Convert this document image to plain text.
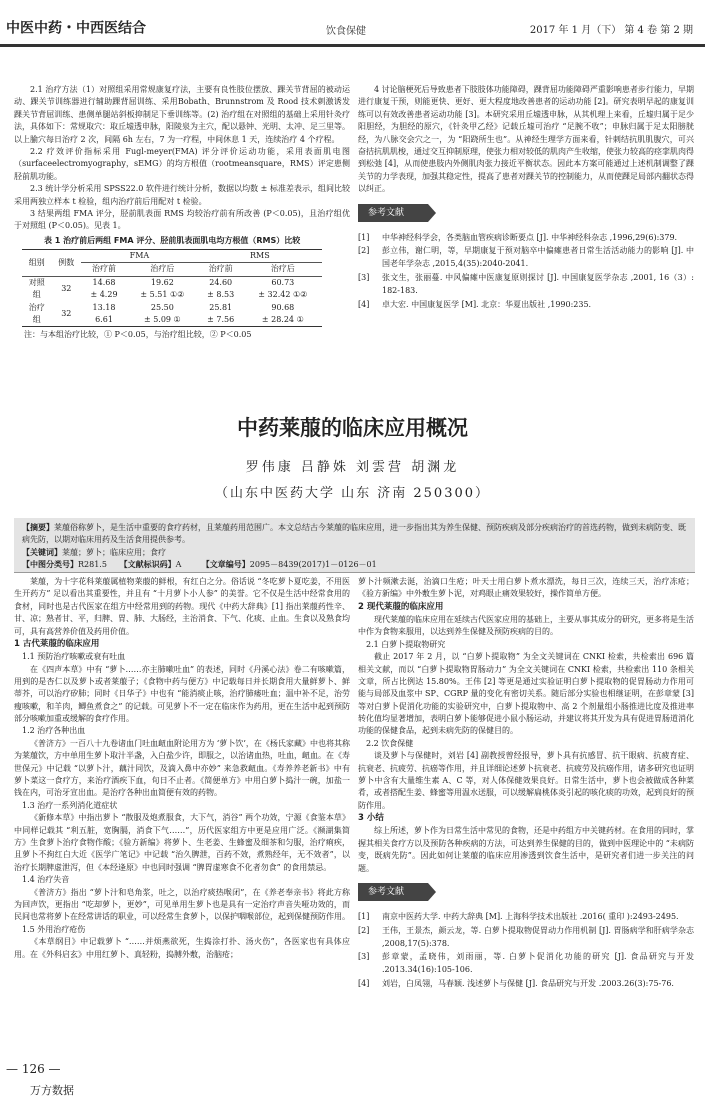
中医中药・中西医结合	饮食保健	2017 年 1 月（下） 第 4 卷 第 2 期

2.1 治疗方法（1）对照组采用常规康复疗法，主要有良性肢位摆放、踝关节背屈的被动运动、踝关节训练器进行辅助踝背屈训练、采用Bobath、Brunnstrom 及 Rood 技术刺激诱发踝关节背屈训练、患侧单腿站斜板抑制足下垂训练等。(2) 治疗组在对照组的基础上采用针灸疗法，具体如下：常规取穴：取丘墟透申脉，阳陵泉为主穴，配以悬钟、光明、太冲、足三里等。以上腧穴每日治疗 2 次，间隔 6h 左右，7 为一疗程，中间休息 1 天，连续治疗 4 个疗程。

2.2 疗效评价指标采用 Fugl-meyer(FMA) 评分评价运动功能，采用表面肌电图（surfaceelectromyography，sEMG）的均方根值（rootmeansquare，RMS）评定患侧胫前肌功能。

2.3 统计学分析采用 SPSS22.0 软件进行统计分析，数据以均数 ± 标准差表示，组间比较采用两独立样本 t 检验，组内治疗前后用配对 t 检验。

3 结果两组 FMA 评分，胫前肌表面 RMS 均较治疗前有所改善 (P＜0.05)，且治疗组优于对照组 (P＜0.05)。见表 1。

表 1 治疗前后两组 FMA 评分、胫前肌表面肌电均方根值（RMS）比较
组别	例数	FMA		RMS	
		治疗前	治疗后	治疗前	治疗后
对照	32	14.68	19.62	24.60	60.73
组		± 4.29	± 5.51 ①②	± 8.53	± 32.42 ①②
治疗	32	13.18	25.50	25.81	90.68
组		6.61	± 5.09 ①	± 7.56	± 28.24 ①
注：与本组治疗比较，① P＜0.05，与治疗组比较，② P＜0.05

4 讨论脑梗死后导致患者下肢肢体功能障碍，踝背屈功能障碍严重影响患者步行能力，早期进行康复干预，则能更快、更好、更大程度地改善患者的运动功能 [2]。研究表明早起的康复训练可以有效改善患者运动功能 [3]。本研究采用丘墟透申脉，从其机理上来看，丘墟归属于足少阳胆经，为胆经的原穴，《针灸甲乙经》记载丘墟可治疗 “足腕不收”；申脉归属于足太阳膀胱经，为八脉交会穴之一，为 “阳跷所生也”。从神经生理学方面来看，针刺结抗肌肌腹穴，可兴奋拮抗肌肌梭，通过交互抑制原理，使张力相对较低的肌肉产生收缩，使张力较高的痉挛肌肉得到松弛 [4]，从而使患肢内外侧肌肉张力接近平衡状态。因此本方案可能通过上述机制调整了踝关节的力学表现，加强其稳定性，提高了患者对踝关节的控制能力，从而使踝足局部内翻状态得以纠正。

参考文献
[1]	中华神经科学会，各类脑血管疾病诊断要点 [J]. 中华神经科杂志 ,1996,29(6):379.
[2]	彭立伟，谢仁明，等，早期康复于预对脑卒中偏瘫患者日常生活活动能力的影响 [J]. 中国老年学杂志 ,2015,4(35):2040-2041.
[3]	张文生，张丽蔓. 中风偏瘫中医康复原则探讨 [J]. 中国康复医学杂志 ,2001, 16（3）: 182-183.
[4]	卓大宏. 中国康复医学 [M]. 北京：华夏出版社 ,1990:235.
中药莱菔的临床应用概况
罗伟康 吕静姝 刘雲营 胡渊龙
（山东中医药大学 山东 济南 250300）
【摘要】莱菔俗称萝卜，是生活中重要的食疗药材，且莱菔药用范围广。本文总结古今莱菔的临床应用，进一步指出其为养生保健、预防疾病及部分疾病治疗的首选药物，做到未病防变、既病先防，以期对临床用药及生活食用提供参考。
【关键词】莱菔；萝卜；临床应用；食疗
【中图分类号】R281.5 【文献标识码】A	【文章编号】2095－8439(2017)1－0126－01

莱菔，为十字花科莱菔属植物莱菔的鲜根，有红白之分。俗话说 “冬吃萝卜夏吃姜，不用医生开药方” 足以看出其重要性，并且有 “十月萝卜小人参” 的美誉。它不仅是生活中经常食用的食材，同时也是古代医家在组方中经常用到的药物。现代《中药大辞典》[1] 指出莱菔药性辛、甘、凉；熟者甘、平，归脾、胃、肺、大肠经，主治消食、下气、化痰、止血。生食以及熟食均可，具有高营养价值及药用价值。

1 古代莱菔的临床应用

1.1 预防治疗咳嗽或衰有吐血

在《四声本草》中有 “萝卜……亦主肺嗽吐血” 的表述，同时《丹溪心法》卷二有咳嗽篇，用到的是杏仁以及萝卜或者莱菔子；《食物中药与便方》中记载每日并长期食用大量鲜萝卜、鲜蒂芥，可以治疗矽肺；同时《日华子》中也有 “能消痰止咳，治疗肺痿吐血；温中补不足，治劳瘦咳嗽，和羊肉，鲫鱼煮食之” 的记载。可见萝卜不一定在临床作为药用，更在生活中起到预防部分咳嗽加重或缓解的食疗作用。

1.2 治疗各种出血

《普济方》一百八十九卷诸血门吐血衄血附论用方为 ‘萝卜饮’，在《杨氏家藏》中也将其称为莱菔饮，方中单用生萝卜取汁半盏，入白盐少许，即服之，以治诸血热，吐血，衄血。在《寿世保元》中记载 “以萝卜汁，藕汁同饮，及滴入鼻中亦妙” 来急救衄血。《寿养养老新书》中有萝卜菜这一食疗方，来治疗酒疾下血，旬日不止者。《简便单方》中用白萝卜捣汁一碗，加盐一钱在内，可治牙宣出血。是治疗各种出血简便有效的药物。

1.3 治疗一系列消化道症状

《新修本草》中指出萝卜 “散服及炮煮服食，大下气，消谷” 两个功效，宁源《食鉴本草》中同样记载其 “利五脏，宽胸膈，消食下气……”，历代医家组方中更是应用广泛。《濒湖集简方》生食萝卜治疗食物作酸；《验方新编》将萝卜、生老姜、生蜂蜜及细茶和匀服，治疗痢疾，且萝卜不拘红白大近《医学广笔记》中记载 “治久脾泄，百药不效，煮熟经年，无不效者”，以治疗长期脾虚泄泻，但《本经逢原》中也同时强调 “脾胃虚寒食不化者勿食” 的食用禁忌。

1.4 治疗失音

《普济方》指出 “萝卜汁和皂角浆，吐之，以治疗痰热喉闭”，在《养老奉亲书》将此方称为回声饮，更指出 “吃却萝卜，更妙”，可见单用生萝卜也是具有一定治疗声音失哑功效的，而民间也常将萝卜在经常讲话的职业，可以经常生食萝卜，以保护咽喉部位，起到保健预防作用。

1.5 外用治疗疮伤

《本草纲目》中记载萝卜 “……并烦燕欲死，生捣涂打扑、汤火伤”，各医家也有具体应用。在《外科启玄》中用红萝卜、真轻粉，捣膊外敷，治脑疮；

萝卜汁频漱去涎，治滴口生疮；叶天士用白萝卜煮水漂洗，每日三次，连续三天，治疗冻疮；《验方新编》中外敷生萝卜泥，对鸡眼止痛效果较好，操作简单方便。

2 现代莱菔的临床应用

现代莱菔的临床应用在延续古代医家应用的基础上，主要从事其成分的研究，更多将是生活中作为食物来服用，以达到养生保健及预防疾病的目的。

2.1 白萝卜提取物研究

截止 2017 年 2 月，以 “白萝卜提取物” 为全文关键词在 CNKI 检索，共检索出 696 篇相关文献，而以 “白萝卜提取物胃肠动力” 为全文关键词在 CNKI 检索，共检索出 110 条相关文章，所占比例达 15.80%。王伟 [2] 等更是通过实验证明白萝卜提取物的促胃肠动力作用可能与局部及血浆中 SP、CGRP 量的变化有密切关系。随后部分实验也相继证明，在彭章蒙 [3] 等对白萝卜促消化功能的实验研究中，白萝卜提取物中、高 2 个剂量组小肠推进比度及推进率转化值均显著增加，表明白萝卜能够促进小鼠小肠运动，并建议将其开发为具有促进胃肠道消化功能的保健食品，起到未病先防的保健目的。

2.2 饮食保健

谈及萝卜与保健时，刘岩 [4] 副教授曾经报导，萝卜具有抗感冒、抗干眼病、抗疲育症、抗衰老、抗疲劳、抗癌等作用，并且详细论述萝卜抗衰老、抗疲劳及抗癌作用，诸多研究也证明萝卜中含有大量维生素 A、C 等，对人体保健效果良好。日常生活中，萝卜也会被做成各种菜肴，或者搭配生姜、蜂蜜等用温水送服，可以缓解扁桃体炎引起的咳化痰的功效，起到良好的预防作用。

3 小结

综上所述，萝卜作为日常生活中常见的食物，还是中药组方中关键药材。在食用的同时，掌握其相关食疗方以及预防各种疾病的方法，可达到养生保健的目的，做到中医理论中的 “未病防变，既病先防”。因此如何让莱菔的临床应用渗透到饮食生活中，是研究者们进一步关注的问题。

参考文献
[1]	南京中医药大学. 中药大辞典 [M]. 上海科学技术出版社 .2016( 重印 ):2493-2495.
[2]	王伟，王景杰，颜云龙，等. 白萝卜提取物促胃动力作用机制 [J]. 胃肠病学和肝病学杂志 ,2008,17(5):378.
[3]	彭章蒙，孟晓伟，刘雨丽，等. 白萝卜促消化功能的研究 [J]. 食品研究与开发 .2013.34(16):105-106.
[4]	刘岩，白凤翎，马春颖. 浅述萝卜与保健 [J]. 食品研究与开发 .2003.26(3):75-76.
— 126 —
万方数据
